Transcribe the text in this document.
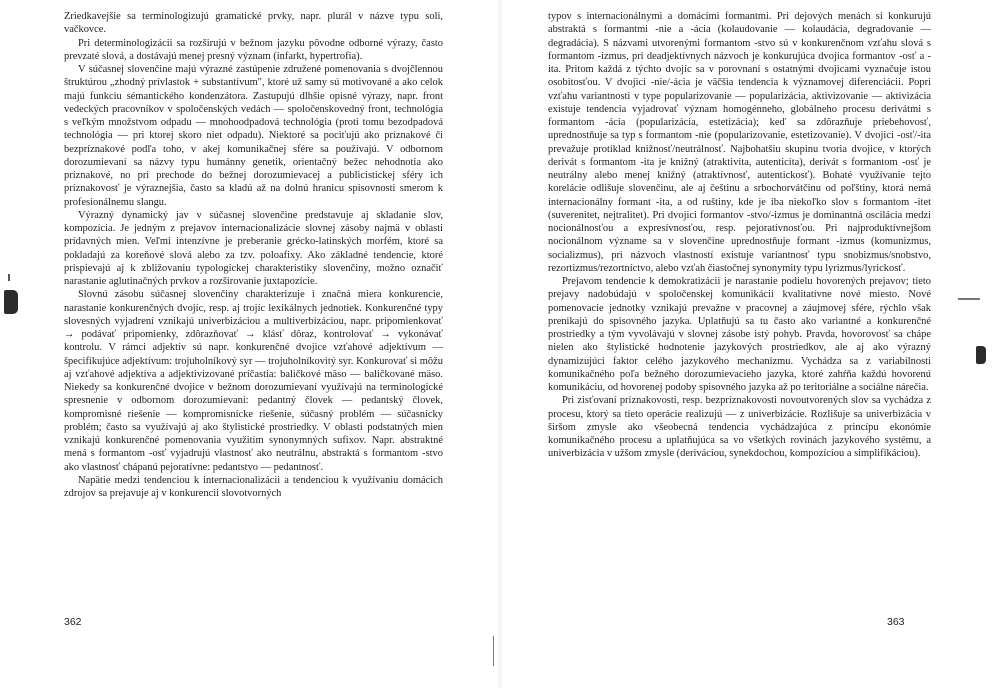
Zriedkavejšie sa terminologizujú gramatické prvky, napr. plurál v názve typu soli, vačkovce.

Pri determinologizácii sa rozširujú v bežnom jazyku pôvodne odborné výrazy, často prevzaté slová, a dostávajú menej presný význam (infarkt, hypertrofia).

V súčasnej slovenčine majú výrazné zastúpenie združené pomenovania s dvojčlennou štruktúrou „zhodný prívlastok + substantívum", ktoré už samy sú motivované a ako celok majú funkciu sémantického kondenzátora. Zastupujú dlhšie opisné výrazy, napr. front vedeckých pracovníkov v spoločenských vedách — spoločenskovedný front, technológia s veľkým množstvom odpadu — mnohoodpadová technológia (proti tomu bezodpadová technológia — pri ktorej skoro niet odpadu). Niektoré sa pociťujú ako príznakové či bezpríznakové podľa toho, v akej komunikačnej sfére sa používajú. V odbornom dorozumievaní sa názvy typu humánny genetik, orientačný bežec nehodnotia ako príznakové, no pri prechode do bežnej dorozumievacej a publicistickej sféry ich príznakovosť je výraznejšia, často sa kladú až na dolnú hranicu spisovnosti smerom k profesionálnemu slangu.

Výrazný dynamický jav v súčasnej slovenčine predstavuje aj skladanie slov, kompozícia. Je jedným z prejavov internacionalizácie slovnej zásoby najmä v oblasti prídavných mien. Veľmi intenzívne je preberanie grécko-latinských morfém, ktoré sa pokladajú za koreňové slová alebo za tzv. poloafixy. Ako základné tendencie, ktoré prispievajú aj k zbližovaniu typologickej charakteristiky slovenčiny, možno označiť narastanie aglutinačných prvkov a rozširovanie juxtapozície.

Slovnú zásobu súčasnej slovenčiny charakterizuje i značná miera konkurencie, narastanie konkurenčných dvojíc, resp. aj trojíc lexikálnych jednotiek. Konkurenčné typy slovesných vyjadrení vznikajú univerbizáciou a multiverbizáciou, napr. pripomienkovať → podávať pripomienky, zdôrazňovať → klásť dôraz, kontrolovať → vykonávať kontrolu. V rámci adjektív sú napr. konkurenčné dvojice vzťahové adjektívum — špecifikujúce adjektívum: trojuholníkový syr — trojuholníkovitý syr. Konkurovať si môžu aj vzťahové adjektíva a adjektivizované príčastia: baličkové mäso — baličkované mäso. Niekedy sa konkurenčné dvojice v bežnom dorozumievaní využívajú na terminologické spresnenie v odbornom dorozumievaní: pedantný človek — pedantský človek, kompromisné riešenie — kompromisnícke riešenie, súčasný problém — súčasnícky problém; často sa využívajú aj ako štylistické prostriedky. V oblasti podstatných mien vznikajú konkurenčné pomenovania využitím synonymných sufixov. Napr. abstraktné mená s formantom -osť vyjadrujú vlastnosť ako neutrálnu, abstraktá s formantom -stvo ako vlastnosť chápanú pejoratívne: pedantstvo — pedantnosť.

Napätie medzi tendenciou k internacionalizácii a tendenciou k využívaniu domácich zdrojov sa prejavuje aj v konkurencii slovotvorných

362

typov s internacionálnymi a domácimi formantmi. Pri dejových menách si konkurujú abstraktá s formantmi -nie a -ácia (kolaudovanie — kolaudácia, degradovanie — degradácia). S názvami utvorenými formantom -stvo sú v konkurenčnom vzťahu slová s formantom -izmus, pri deadjektívnych názvoch je konkurujúca dvojica formantov -osť a -ita. Pritom každá z týchto dvojíc sa v porovnaní s ostatnými dvojicami vyznačuje istou osobitosťou. V dvojici -nie/-ácia je väčšia tendencia k významovej diferenciácii. Popri vzťahu variantnosti v type popularizovanie — popularizácia, aktivizovanie — aktivizácia existuje tendencia vyjadrovať význam homogénneho, globálneho procesu derivátmi s formantom -ácia (popularizácia, estetizácia); keď sa zdôrazňuje priebehovosť, uprednostňuje sa typ s formantom -nie (popularizovanie, estetizovanie). V dvojici -osť/-ita prevažuje protiklad knižnosť/neutrálnosť. Najbohatšiu skupinu tvoria dvojice, v ktorých derivát s formantom -ita je knižný (atraktivita, autenticita), derivát s formantom -osť je neutrálny alebo menej knižný (atraktívnosť, autentickosť). Bohaté využívanie tejto korelácie odlišuje slovenčinu, ale aj češtinu a srbochorvátčinu od poľštiny, ktorá nemá internacionálny formant -ita, a od ruštiny, kde je iba niekoľko slov s formantom -itet (suverenitet, nejtralitet). Pri dvojici formantov -stvo/-izmus je dominantná oscilácia medzi nocionálnosťou a expresívnosťou, resp. pejoratívnosťou. Pri najproduktívnejšom nocionálnom význame sa v slovenčine uprednostňuje formant -izmus (komunizmus, socializmus), pri názvoch vlastností existuje variantnosť typu snobizmus/snobstvo, rezortizmus/rezortníctvo, alebo vzťah čiastočnej synonymity typu lyrizmus/lyrickosť.

Prejavom tendencie k demokratizácii je narastanie podielu hovorených prejavov; tieto prejavy nadobúdajú v spoločenskej komunikácii kvalitatívne nové miesto. Nové pomenovacie jednotky vznikajú prevažne v pracovnej a záujmovej sfére, rýchlo však prenikajú do spisovného jazyka. Uplatňujú sa tu často ako variantné a konkurenčné prostriedky a tým vyvolávajú v slovnej zásobe istý pohyb. Pravda, hovorovosť sa chápe nielen ako štylistické hodnotenie jazykových prostriedkov, ale aj ako výrazný dynamizujúci faktor celého jazykového mechanizmu. Vychádza sa z variabilnosti komunikačného poľa bežného dorozumievacieho jazyka, ktoré zahŕňa každú hovorenú komunikáciu, od hovorenej podoby spisovného jazyka až po teritoriálne a sociálne nárečia.

Pri zisťovaní príznakovosti, resp. bezpríznakovosti novoutvorených slov sa vychádza z procesu, ktorý sa tieto operácie realizujú — z univerbizácie. Rozlišuje sa univerbizácia v širšom zmysle ako všeobecná tendencia vychádzajúca z princípu ekonómie komunikačného procesu a uplatňujúca sa vo všetkých rovinách jazykového systému, a univerbizácia v užšom zmysle (deriváciou, synekdochou, kompozíciou a simplifikáciou).

363
